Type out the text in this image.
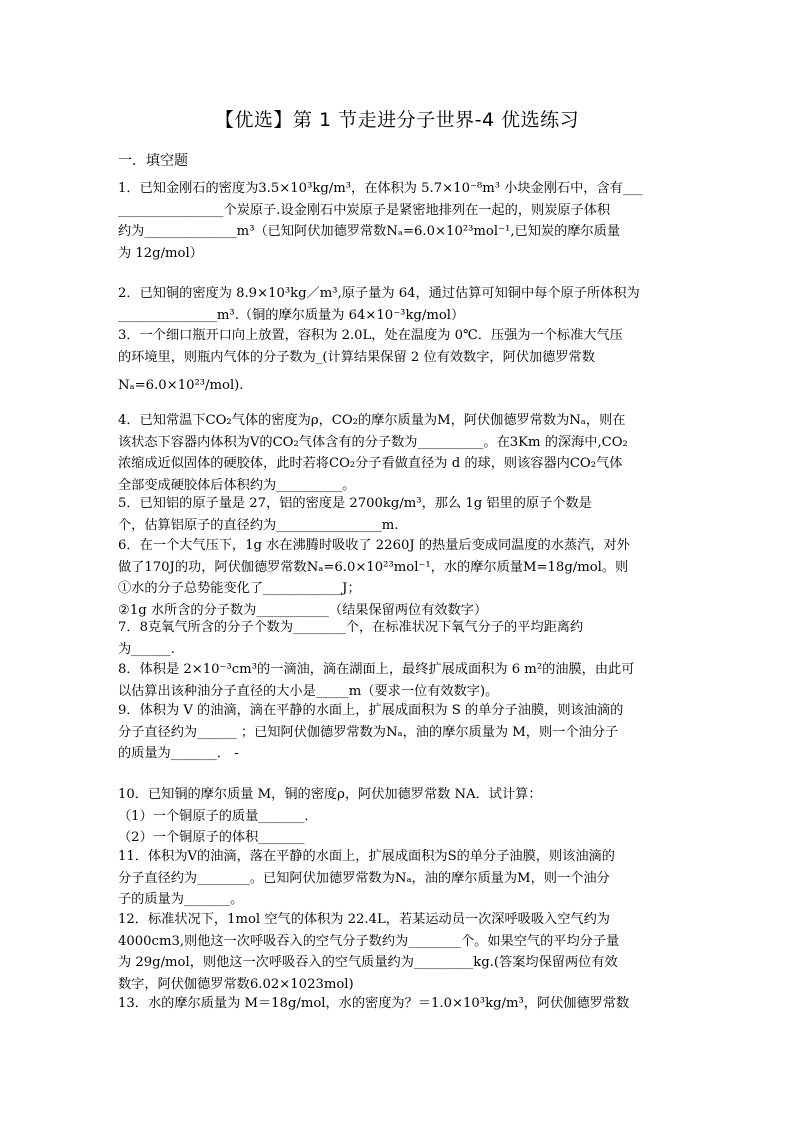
【优选】第 1 节走进分子世界-4 优选练习
一．填空题

1．已知金刚石的密度为3.5×10³kg/m³，在体积为 5.7×10⁻⁸m³ 小块金刚石中，含有___

________________个炭原子.设金刚石中炭原子是紧密地排列在一起的，则炭原子体积

约为______________m³（已知阿伏加德罗常数Nₐ=6.0×10²³mol⁻¹,已知炭的摩尔质量

为 12g/mol）

2．已知铜的密度为 8.9×10³kg／m³,原子量为 64，通过估算可知铜中每个原子所体积为

_______________m³.（铜的摩尔质量为 64×10⁻³kg/mol）

3．一个细口瓶开口向上放置，容积为 2.0L，处在温度为 0℃．压强为一个标准大气压

的环境里，则瓶内气体的分子数为_(计算结果保留 2 位有效数字，阿伏加德罗常数

Nₐ=6.0×10²³/mol).

4．已知常温下CO₂气体的密度为ρ，CO₂的摩尔质量为M，阿伏伽德罗常数为Nₐ，则在

该状态下容器内体积为V的CO₂气体含有的分子数为__________。在3Km 的深海中,CO₂

浓缩成近似固体的硬胶体，此时若将CO₂分子看做直径为 d 的球，则该容器内CO₂气体

全部变成硬胶体后体积约为__________。

5．已知铝的原子量是 27，铝的密度是 2700kg/m³，那么 1g 铝里的原子个数是

个，估算铝原子的直径约为________________m.

6．在一个大气压下，1g 水在沸腾时吸收了 2260J 的热量后变成同温度的水蒸汽，对外

做了170J的功，阿伏伽德罗常数Nₐ=6.0×10²³mol⁻¹，水的摩尔质量M=18g/mol。则

①水的分子总势能变化了____________J；

②1g 水所含的分子数为___________（结果保留两位有效数字）

7．8克氧气所含的分子个数为________个，在标准状况下氧气分子的平均距离约

为______.

8．体积是 2×10⁻³cm³的一滴油，滴在湖面上，最终扩展成面积为 6 m²的油膜，由此可

以估算出该种油分子直径的大小是_____m（要求一位有效数字)。

9．体积为 V 的油滴，滴在平静的水面上，扩展成面积为 S 的单分子油膜，则该油滴的

分子直径约为______ ；已知阿伏伽德罗常数为Nₐ，油的摩尔质量为 M，则一个油分子

的质量为_______． -

10．已知铜的摩尔质量 M，铜的密度ρ，阿伏加德罗常数 NA．试计算：

（1）一个铜原子的质量_______．

（2）一个铜原子的体积_______

11．体积为V的油滴，落在平静的水面上，扩展成面积为S的单分子油膜，则该油滴的

分子直径约为________。已知阿伏加德罗常数为Nₐ，油的摩尔质量为M，则一个油分

子的质量为_______。

12．标准状况下，1mol 空气的体积为 22.4L，若某运动员一次深呼吸吸入空气约为

4000cm3,则他这一次呼吸吞入的空气分子数约为________个。如果空气的平均分子量

为 29g/mol，则他这一次呼吸吞入的空气质量约为_________kg.(答案均保留两位有效

数字，阿伏伽德罗常数6.02×1023mol)

13．水的摩尔质量为 M＝18g/mol，水的密度为？＝1.0×10³kg/m³，阿伏伽德罗常数
